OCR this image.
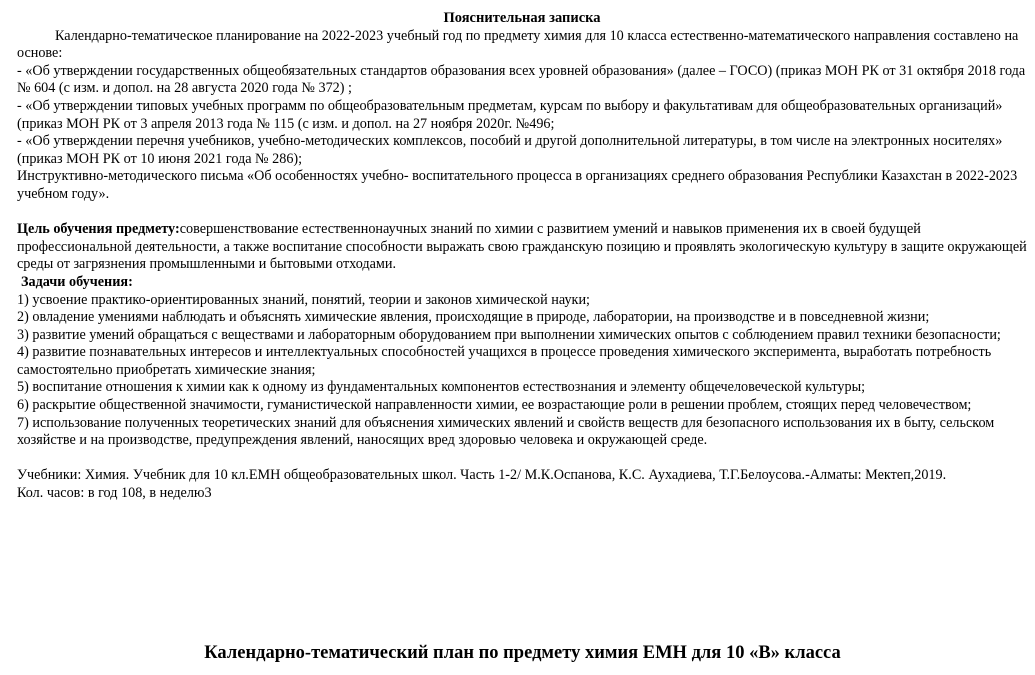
Пояснительная записка

Календарно-тематическое планирование на 2022-2023 учебный год по предмету химия для 10 класса естественно-математического направления составлено на основе:

- «Об утверждении государственных общеобязательных стандартов образования всех уровней образования» (далее – ГОСО) (приказ МОН РК от 31 октября 2018 года № 604 (с изм. и допол. на 28 августа 2020 года № 372) ;

- «Об утверждении типовых учебных программ по общеобразовательным предметам, курсам по выбору и факультативам для общеобразовательных организаций» (приказ МОН РК от 3 апреля 2013 года № 115 (с изм. и допол. на 27 ноября 2020г. №496;

- «Об утверждении перечня учебников, учебно-методических комплексов, пособий и другой дополнительной литературы, в том числе на электронных носителях» (приказ МОН РК от 10 июня 2021 года № 286);

Инструктивно-методического письма «Об особенностях учебно- воспитательного процесса в организациях среднего образования Республики Казахстан в 2022-2023 учебном году».

Цель обучения предмету:совершенствование естественнонаучных знаний по химии с развитием умений и навыков применения их в своей будущей профессиональной деятельности, а также воспитание способности выражать свою гражданскую позицию и проявлять экологическую культуру в защите окружающей среды от загрязнения промышленными и бытовыми отходами.

Задачи обучения:

1) усвоение практико-ориентированных знаний, понятий, теории и законов химической науки;

2) овладение умениями наблюдать и объяснять химические явления, происходящие в природе, лаборатории, на производстве и в повседневной жизни;

3) развитие умений обращаться с веществами и лабораторным оборудованием при выполнении химических опытов с соблюдением правил техники безопасности;

4) развитие познавательных интересов и интеллектуальных способностей учащихся в процессе проведения химического эксперимента, выработать потребность самостоятельно приобретать химические знания;

5) воспитание отношения к химии как к одному из фундаментальных компонентов естествознания и элементу общечеловеческой культуры;

6) раскрытие общественной значимости, гуманистической направленности химии, ее возрастающие роли в решении проблем, стоящих перед человечеством;

7) использование полученных теоретических знаний для объяснения химических явлений и свойств веществ для безопасного использования их в быту, сельском хозяйстве и на производстве, предупреждения явлений, наносящих вред здоровью человека и окружающей среде.

Учебники: Химия. Учебник для 10 кл.ЕМН общеобразовательных школ. Часть 1-2/ М.К.Оспанова, К.С. Аухадиева, Т.Г.Белоусова.-Алматы: Мектеп,2019.

Кол. часов: в год 108, в неделю3

Календарно-тематический план по предмету химия ЕМН для 10 «В» класса
